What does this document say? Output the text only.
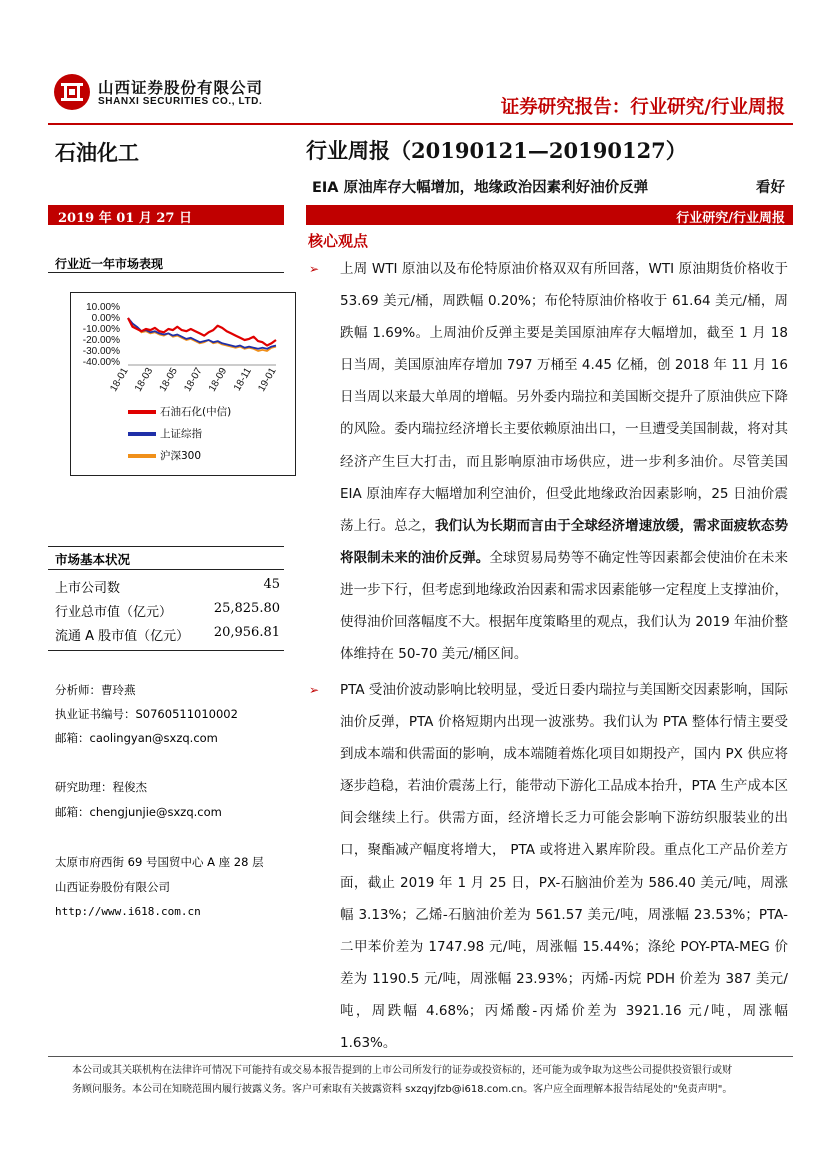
山西证券股份有限公司
SHANXI SECURITIES CO., LTD.	证券研究报告：行业研究/行业周报
石油化工	行业周报（20190121—20190127）
EIA 原油库存大幅增加，地缘政治因素利好油价反弹	看好
2019 年 01 月 27 日	行业研究/行业周报
行业近一年市场表现
10.00%
0.00%
-10.00%
-20.00%
-30.00%
-40.00%
18-01 18-03 18-05 18-07 18-09 18-11 19-01
石油石化(中信)
上证综指
沪深300
市场基本状况
上市公司数	45
行业总市值（亿元）	25,825.80
流通 A 股市值（亿元） 20,956.81
分析师：曹玲燕
执业证书编号：S0760511010002
邮箱：caolingyan@sxzq.com
研究助理：程俊杰
邮箱：chengjunjie@sxzq.com
太原市府西街 69 号国贸中心 A 座 28 层
山西证券股份有限公司
http://www.i618.com.cn
核心观点
➢ 上周 WTI 原油以及布伦特原油价格双双有所回落，WTI 原油期货价格收于 53.69 美元/桶，周跌幅 0.20%；布伦特原油价格收于 61.64 美元/桶，周跌幅 1.69%。上周油价反弹主要是美国原油库存大幅增加，截至 1 月 18 日当周，美国原油库存增加 797 万桶至 4.45 亿桶，创 2018 年 11 月 16 日当周以来最大单周的增幅。另外委内瑞拉和美国断交提升了原油供应下降的风险。委内瑞拉经济增长主要依赖原油出口，一旦遭受美国制裁，将对其经济产生巨大打击，而且影响原油市场供应，进一步利多油价。尽管美国 EIA 原油库存大幅增加利空油价，但受此地缘政治因素影响，25 日油价震荡上行。总之，我们认为长期而言由于全球经济增速放缓，需求面疲软态势将限制未来的油价反弹。全球贸易局势等不确定性等因素都会使油价在未来进一步下行，但考虑到地缘政治因素和需求因素能够一定程度上支撑油价，使得油价回落幅度不大。根据年度策略里的观点，我们认为 2019 年油价整体维持在 50-70 美元/桶区间。
➢ PTA 受油价波动影响比较明显，受近日委内瑞拉与美国断交因素影响，国际油价反弹，PTA 价格短期内出现一波涨势。我们认为 PTA 整体行情主要受到成本端和供需面的影响，成本端随着炼化项目如期投产，国内 PX 供应将逐步趋稳，若油价震荡上行，能带动下游化工品成本抬升，PTA 生产成本区间会继续上行。供需方面，经济增长乏力可能会影响下游纺织服装业的出口，聚酯减产幅度将增大， PTA 或将进入累库阶段。重点化工产品价差方面，截止 2019 年 1 月 25 日，PX-石脑油价差为 586.40 美元/吨，周涨幅 3.13%；乙烯-石脑油价差为 561.57 美元/吨，周涨幅 23.53%；PTA-二甲苯价差为 1747.98 元/吨，周涨幅 15.44%；涤纶 POY-PTA-MEG 价差为 1190.5 元/吨，周涨幅 23.93%；丙烯-丙烷 PDH 价差为 387 美元/吨，周跌幅 4.68%；丙烯酸-丙烯价差为 3921.16 元/吨，周涨幅 1.63%。
本公司或其关联机构在法律许可情况下可能持有或交易本报告提到的上市公司所发行的证券或投资标的，还可能为或争取为这些公司提供投资银行或财
务顾问服务。本公司在知晓范围内履行披露义务。客户可索取有关披露资料 sxzqyjfzb@i618.com.cn。客户应全面理解本报告结尾处的"免责声明"。
